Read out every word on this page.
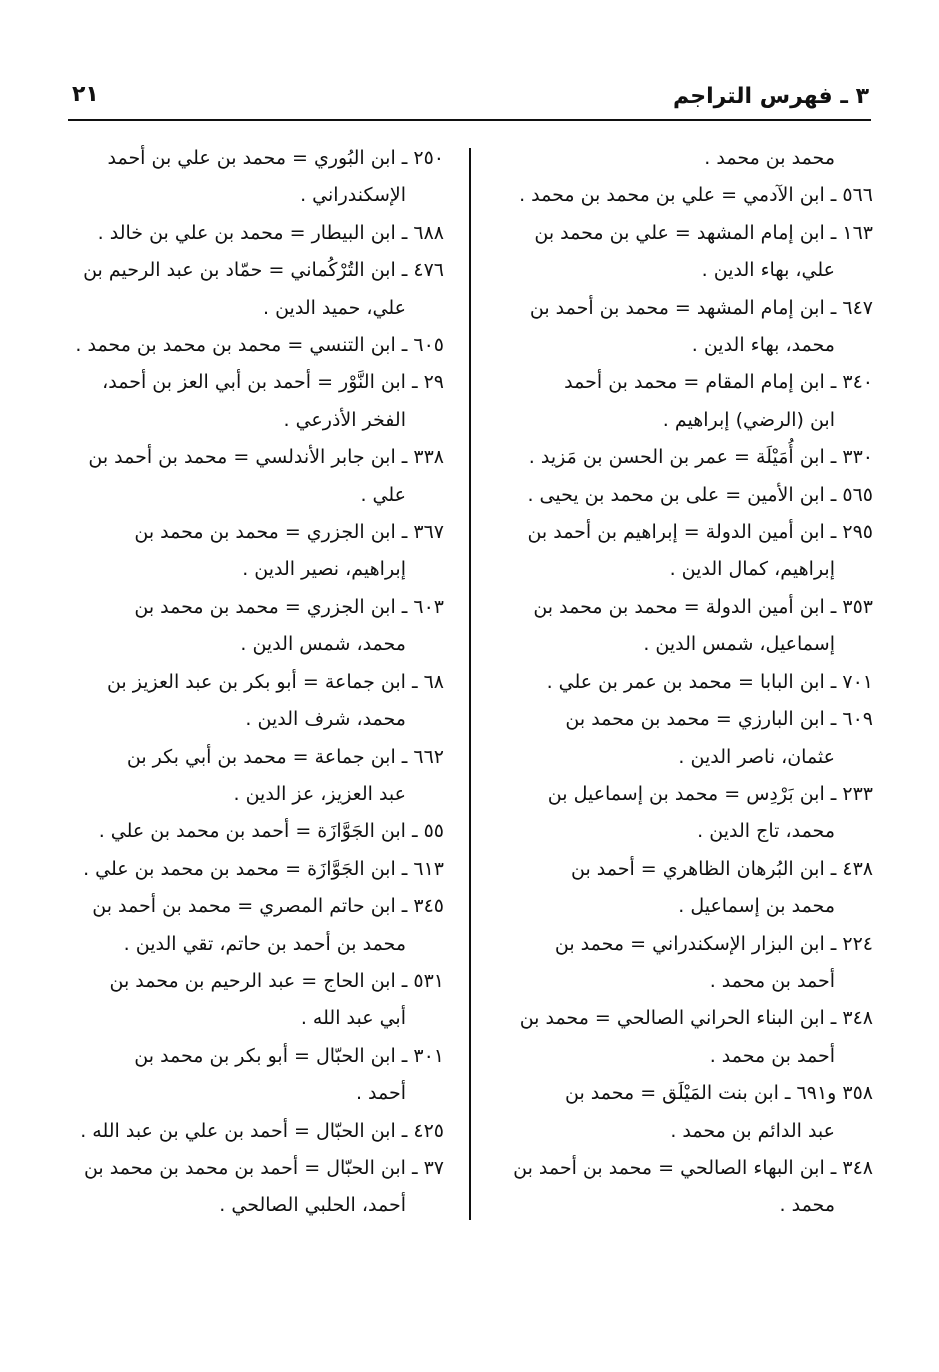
٣ ـ فهرس التراجم
٢١

محمد بن محمد .

٥٦٦ ـ ابن الآدمي = علي بن محمد بن محمد .

١٦٣ ـ ابن إمام المشهد = علي بن محمد بن
علي، بهاء الدين .

٦٤٧ ـ ابن إمام المشهد = محمد بن أحمد بن
محمد، بهاء الدين .

٣٤٠ ـ ابن إمام المقام = محمد بن أحمد
ابن (الرضي) إبراهيم .

٣٣٠ ـ ابن أُمَيْلَة = عمر بن الحسن بن مَزيد .

٥٦٥ ـ ابن الأمين = على بن محمد بن يحيى .

٢٩٥ ـ ابن أمين الدولة = إبراهيم بن أحمد بن
إبراهيم، كمال الدين .

٣٥٣ ـ ابن أمين الدولة = محمد بن محمد بن
إسماعيل، شمس الدين .

٧٠١ ـ ابن البابا = محمد بن عمر بن علي .

٦٠٩ ـ ابن البارزي = محمد بن محمد بن
عثمان، ناصر الدين .

٢٣٣ ـ ابن بَرْدِس = محمد بن إسماعيل بن
محمد، تاج الدين .

٤٣٨ ـ ابن البُرهان الظاهري = أحمد بن
محمد بن إسماعيل .

٢٢٤ ـ ابن البزار الإسكندراني = محمد بن
أحمد بن محمد .

٣٤٨ ـ ابن البناء الحراني الصالحي = محمد بن
أحمد بن محمد .

٣٥٨ و٦٩١ ـ ابن بنت المَيْلَق = محمد بن
عبد الدائم بن محمد .

٣٤٨ ـ ابن البهاء الصالحي = محمد بن أحمد بن
محمد .

٢٥٠ ـ ابن البُوري = محمد بن علي بن أحمد
الإسكندراني .

٦٨٨ ـ ابن البيطار = محمد بن علي بن خالد .

٤٧٦ ـ ابن التُرْكُماني = حمّاد بن عبد الرحيم بن
علي، حميد الدين .

٦٠٥ ـ ابن التنسي = محمد بن محمد بن محمد .

٢٩ ـ ابن النَّوْر = أحمد بن أبي العز بن أحمد،
الفخر الأذرعي .

٣٣٨ ـ ابن جابر الأندلسي = محمد بن أحمد بن
علي .

٣٦٧ ـ ابن الجزري = محمد بن محمد بن
إبراهيم، نصير الدين .

٦٠٣ ـ ابن الجزري = محمد بن محمد بن
محمد، شمس الدين .

٦٨ ـ ابن جماعة = أبو بكر بن عبد العزيز بن
محمد، شرف الدين .

٦٦٢ ـ ابن جماعة = محمد بن أبي بكر بن
عبد العزيز، عز الدين .

٥٥ ـ ابن الجَوَّازَة = أحمد بن محمد بن علي .

٦١٣ ـ ابن الجَوَّازَة = محمد بن محمد بن علي .

٣٤٥ ـ ابن حاتم المصري = محمد بن أحمد بن
محمد بن أحمد بن حاتم، تقي الدين .

٥٣١ ـ ابن الحاج = عبد الرحيم بن محمد بن
أبي عبد الله .

٣٠١ ـ ابن الحبّال = أبو بكر بن محمد بن
أحمد .

٤٢٥ ـ ابن الحبّال = أحمد بن علي بن عبد الله .

٣٧ ـ ابن الحبّال = أحمد بن محمد بن محمد بن
أحمد، الحلبي الصالحي .
